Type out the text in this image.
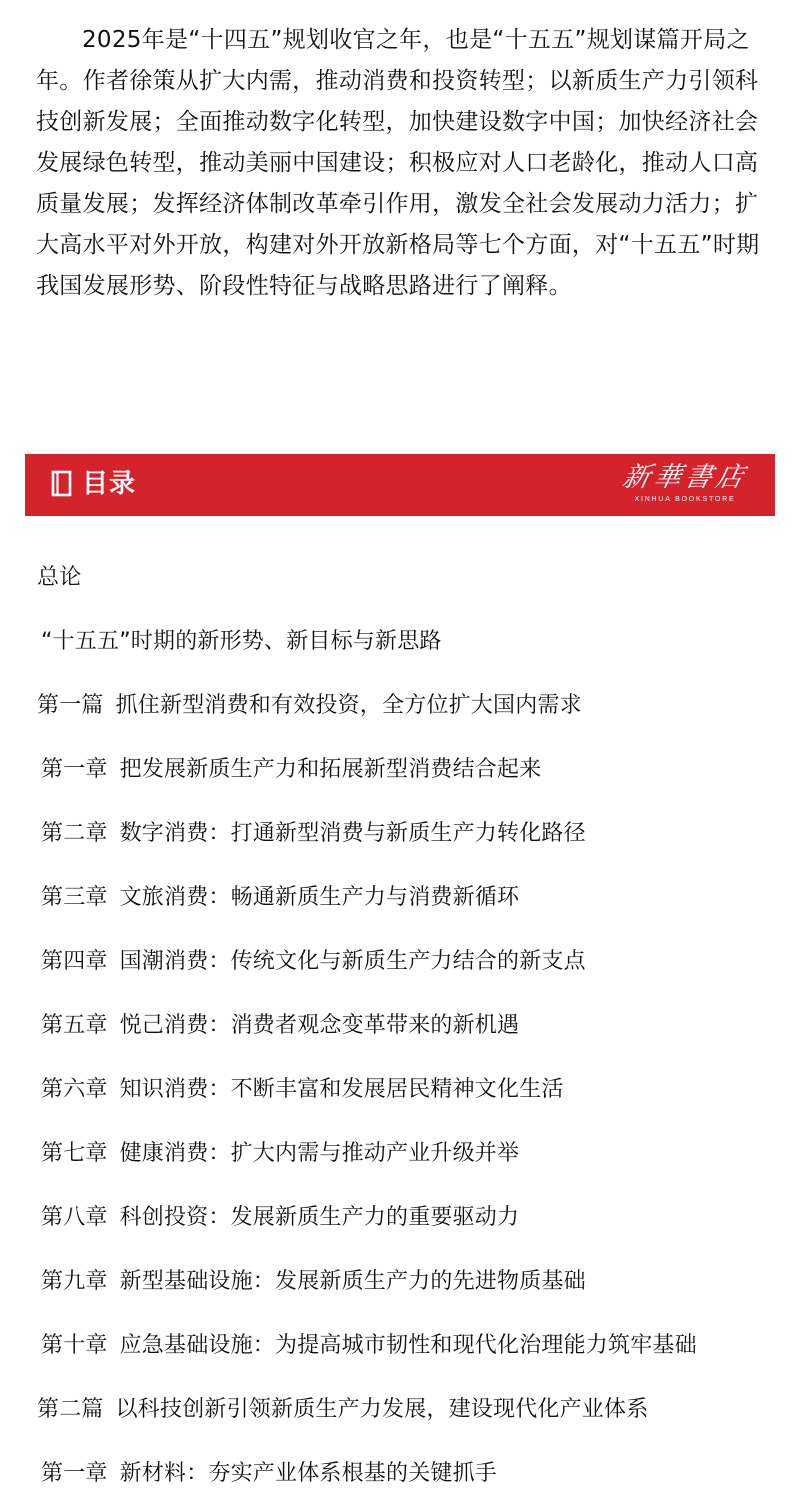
2025年是“十四五”规划收官之年，也是“十五五”规划谋篇开局之年。作者徐策从扩大内需，推动消费和投资转型；以新质生产力引领科技创新发展；全面推动数字化转型，加快建设数字中国；加快经济社会发展绿色转型，推动美丽中国建设；积极应对人口老龄化，推动人口高质量发展；发挥经济体制改革牵引作用，激发全社会发展动力活力；扩大高水平对外开放，构建对外开放新格局等七个方面，对“十五五”时期我国发展形势、阶段性特征与战略思路进行了阐释。

目录	新華書店
XINHUA BOOKSTORE
总论
“十五五”时期的新形势、新目标与新思路
第一篇 抓住新型消费和有效投资，全方位扩大国内需求
第一章 把发展新质生产力和拓展新型消费结合起来
第二章 数字消费：打通新型消费与新质生产力转化路径
第三章 文旅消费：畅通新质生产力与消费新循环
第四章 国潮消费：传统文化与新质生产力结合的新支点
第五章 悦己消费：消费者观念变革带来的新机遇
第六章 知识消费：不断丰富和发展居民精神文化生活
第七章 健康消费：扩大内需与推动产业升级并举
第八章 科创投资：发展新质生产力的重要驱动力
第九章 新型基础设施：发展新质生产力的先进物质基础
第十章 应急基础设施：为提高城市韧性和现代化治理能力筑牢基础
第二篇 以科技创新引领新质生产力发展，建设现代化产业体系
第一章 新材料：夯实产业体系根基的关键抓手
